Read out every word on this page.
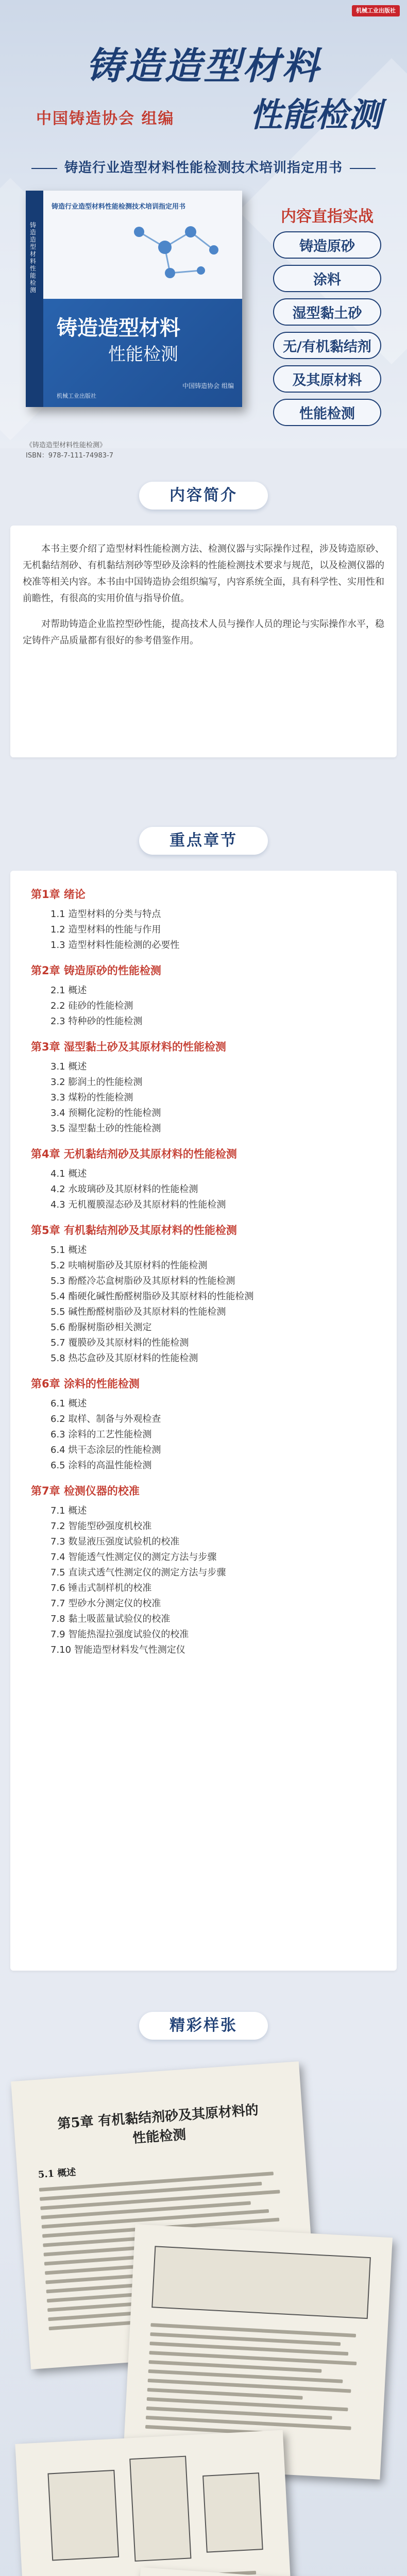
机械工业出版社
铸造造型材料
中国铸造协会 组编 性能检测
铸造行业造型材料性能检测技术培训指定用书
铸造造型材料性能检测
铸造行业造型材料性能检测技术培训指定用书
铸造造型材料
性能检测
中国铸造协会 组编
机械工业出版社
内容直指实战
铸造原砂
涂料
湿型黏土砂
无/有机黏结剂
及其原材料
性能检测
《铸造造型材料性能检测》
ISBN：978-7-111-74983-7
内容简介

本书主要介绍了造型材料性能检测方法、检测仪器与实际操作过程，涉及铸造原砂、无机黏结剂砂、有机黏结剂砂等型砂及涂料的性能检测技术要求与规范，以及检测仪器的校准等相关内容。本书由中国铸造协会组织编写，内容系统全面，具有科学性、实用性和前瞻性，有很高的实用价值与指导价值。

对帮助铸造企业监控型砂性能，提高技术人员与操作人员的理论与实际操作水平，稳定铸件产品质量都有很好的参考借鉴作用。

重点章节
第1章 绪论
1.1 造型材料的分类与特点
1.2 造型材料的性能与作用
1.3 造型材料性能检测的必要性
第2章 铸造原砂的性能检测
2.1 概述
2.2 硅砂的性能检测
2.3 特种砂的性能检测
第3章 湿型黏土砂及其原材料的性能检测
3.1 概述
3.2 膨润土的性能检测
3.3 煤粉的性能检测
3.4 预糊化淀粉的性能检测
3.5 湿型黏土砂的性能检测
第4章 无机黏结剂砂及其原材料的性能检测
4.1 概述
4.2 水玻璃砂及其原材料的性能检测
4.3 无机覆膜湿态砂及其原材料的性能检测
第5章 有机黏结剂砂及其原材料的性能检测
5.1 概述
5.2 呋喃树脂砂及其原材料的性能检测
5.3 酚醛冷芯盒树脂砂及其原材料的性能检测
5.4 酯硬化碱性酚醛树脂砂及其原材料的性能检测
5.5 碱性酚醛树脂砂及其原材料的性能检测
5.6 酚脲树脂砂相关测定
5.7 覆膜砂及其原材料的性能检测
5.8 热芯盒砂及其原材料的性能检测
第6章 涂料的性能检测
6.1 概述
6.2 取样、制备与外观检查
6.3 涂料的工艺性能检测
6.4 烘干态涂层的性能检测
6.5 涂料的高温性能检测
第7章 检测仪器的校准
7.1 概述
7.2 智能型砂强度机校准
7.3 数显液压强度试验机的校准
7.4 智能透气性测定仪的测定方法与步骤
7.5 直读式透气性测定仪的测定方法与步骤
7.6 锤击式制样机的校准
7.7 型砂水分测定仪的校准
7.8 黏土吸蓝量试验仪的校准
7.9 智能热湿拉强度试验仪的校准
7.10 智能造型材料发气性测定仪
精彩样张
第5章 有机黏结剂砂及其原材料的性能检测
5.1 概述
